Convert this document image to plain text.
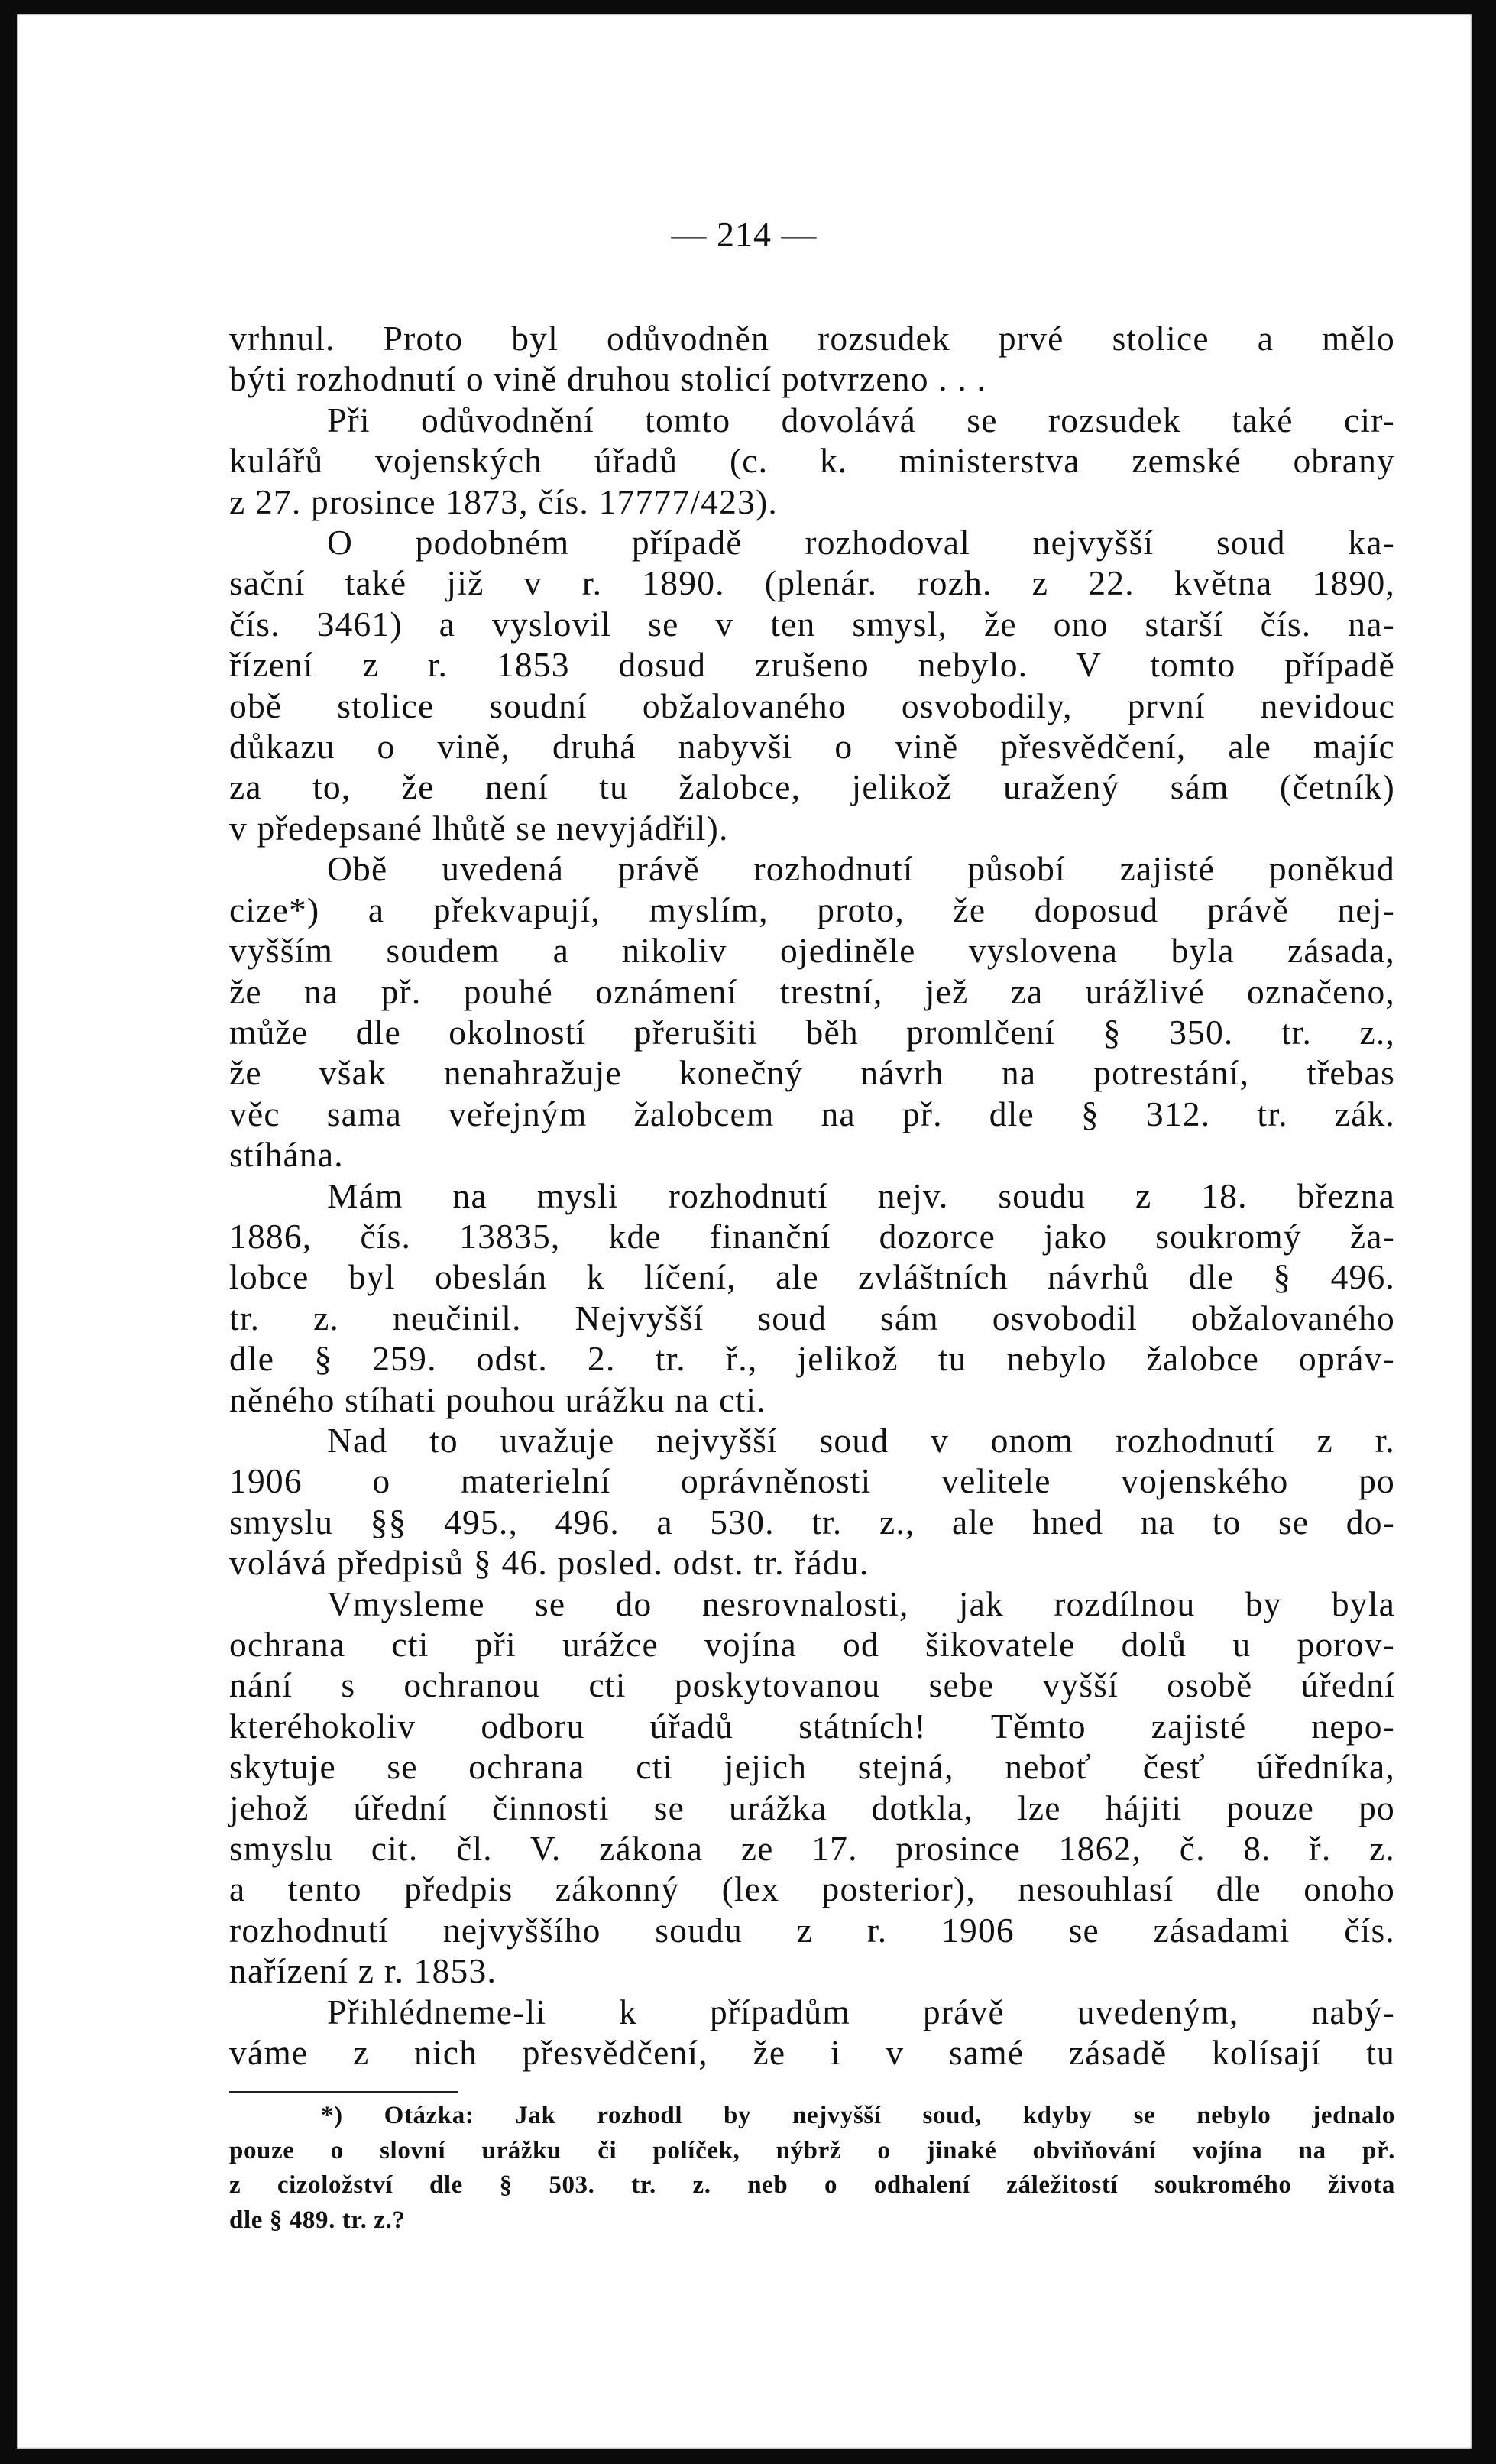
— 214 —
vrhnul. Proto byl odůvodněn rozsudek prvé stolice a mělo
býti rozhodnutí o vině druhou stolicí potvrzeno . . .
Při odůvodnění tomto dovolává se rozsudek také cir-
kulářů vojenských úřadů (c. k. ministerstva zemské obrany
z 27. prosince 1873, čís. 17777/423).
O podobném případě rozhodoval nejvyšší soud ka-
sační také již v r. 1890. (plenár. rozh. z 22. května 1890,
čís. 3461) a vyslovil se v ten smysl, že ono starší čís. na-
řízení z r. 1853 dosud zrušeno nebylo. V tomto případě
obě stolice soudní obžalovaného osvobodily, první nevidouc
důkazu o vině, druhá nabyvši o vině přesvědčení, ale majíc
za to, že není tu žalobce, jelikož uražený sám (četník)
v předepsané lhůtě se nevyjádřil).
Obě uvedená právě rozhodnutí působí zajisté poněkud
cize*) a překvapují, myslím, proto, že doposud právě nej-
vyšším soudem a nikoliv ojediněle vyslovena byla zásada,
že na př. pouhé oznámení trestní, jež za urážlivé označeno,
může dle okolností přerušiti běh promlčení § 350. tr. z.,
že však nenahražuje konečný návrh na potrestání, třebas
věc sama veřejným žalobcem na př. dle § 312. tr. zák.
stíhána.
Mám na mysli rozhodnutí nejv. soudu z 18. března
1886, čís. 13835, kde finanční dozorce jako soukromý ža-
lobce byl obeslán k líčení, ale zvláštních návrhů dle § 496.
tr. z. neučinil. Nejvyšší soud sám osvobodil obžalovaného
dle § 259. odst. 2. tr. ř., jelikož tu nebylo žalobce opráv-
něného stíhati pouhou urážku na cti.
Nad to uvažuje nejvyšší soud v onom rozhodnutí z r.
1906 o materielní oprávněnosti velitele vojenského po
smyslu §§ 495., 496. a 530. tr. z., ale hned na to se do-
volává předpisů § 46. posled. odst. tr. řádu.
Vmysleme se do nesrovnalosti, jak rozdílnou by byla
ochrana cti při urážce vojína od šikovatele dolů u porov-
nání s ochranou cti poskytovanou sebe vyšší osobě úřední
kteréhokoliv odboru úřadů státních! Těmto zajisté nepo-
skytuje se ochrana cti jejich stejná, neboť česť úředníka,
jehož úřední činnosti se urážka dotkla, lze hájiti pouze po
smyslu cit. čl. V. zákona ze 17. prosince 1862, č. 8. ř. z.
a tento předpis zákonný (lex posterior), nesouhlasí dle onoho
rozhodnutí nejvyššího soudu z r. 1906 se zásadami čís.
nařízení z r. 1853.
Přihlédneme-li k případům právě uvedeným, nabý-
váme z nich přesvědčení, že i v samé zásadě kolísají tu
*) Otázka: Jak rozhodl by nejvyšší soud, kdyby se nebylo jednalo
pouze o slovní urážku či políček, nýbrž o jinaké obviňování vojína na př.
z cizoložství dle § 503. tr. z. neb o odhalení záležitostí soukromého života
dle § 489. tr. z.?
